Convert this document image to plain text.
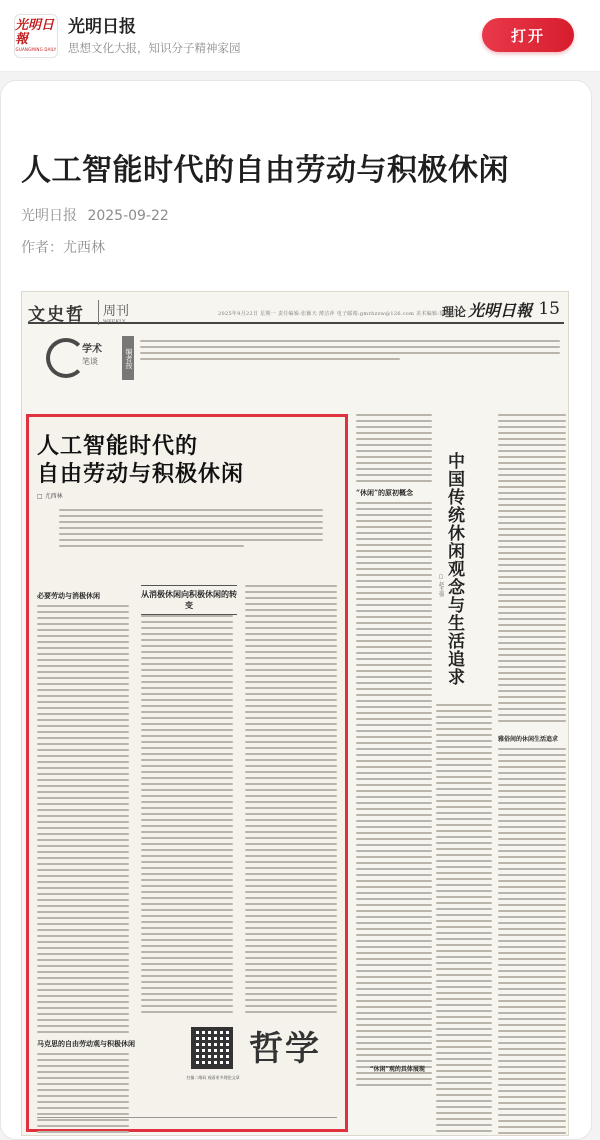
光明日報
GUANGMING DAILY
光明日报
思想文化大报，知识分子精神家园
打开
人工智能时代的自由劳动与积极休闲
光明日报 2025-09-22
作者：尤西林
文史哲	周刊
WEEKLY
2025年9月22日 星期一 责任编辑:张颖天 薄洁萍 电子邮箱:gmrbzzw@126.com 美术编辑:徐丽娟
理论 光明日報 15
学术
笔谈	编者按
人工智能时代的
自由劳动与积极休闲
□ 尤西林
必要劳动与消极休闲
马克思的自由劳动观与积极休闲
从消极休闲向积极休闲的转变
扫描二维码 观看更多理论文章
哲学
“休闲”的原初概念	中国传统休闲观念与生活追求
□ 赵玉强
雅俗间的休闲生活追求
“休闲”观的具体展现
